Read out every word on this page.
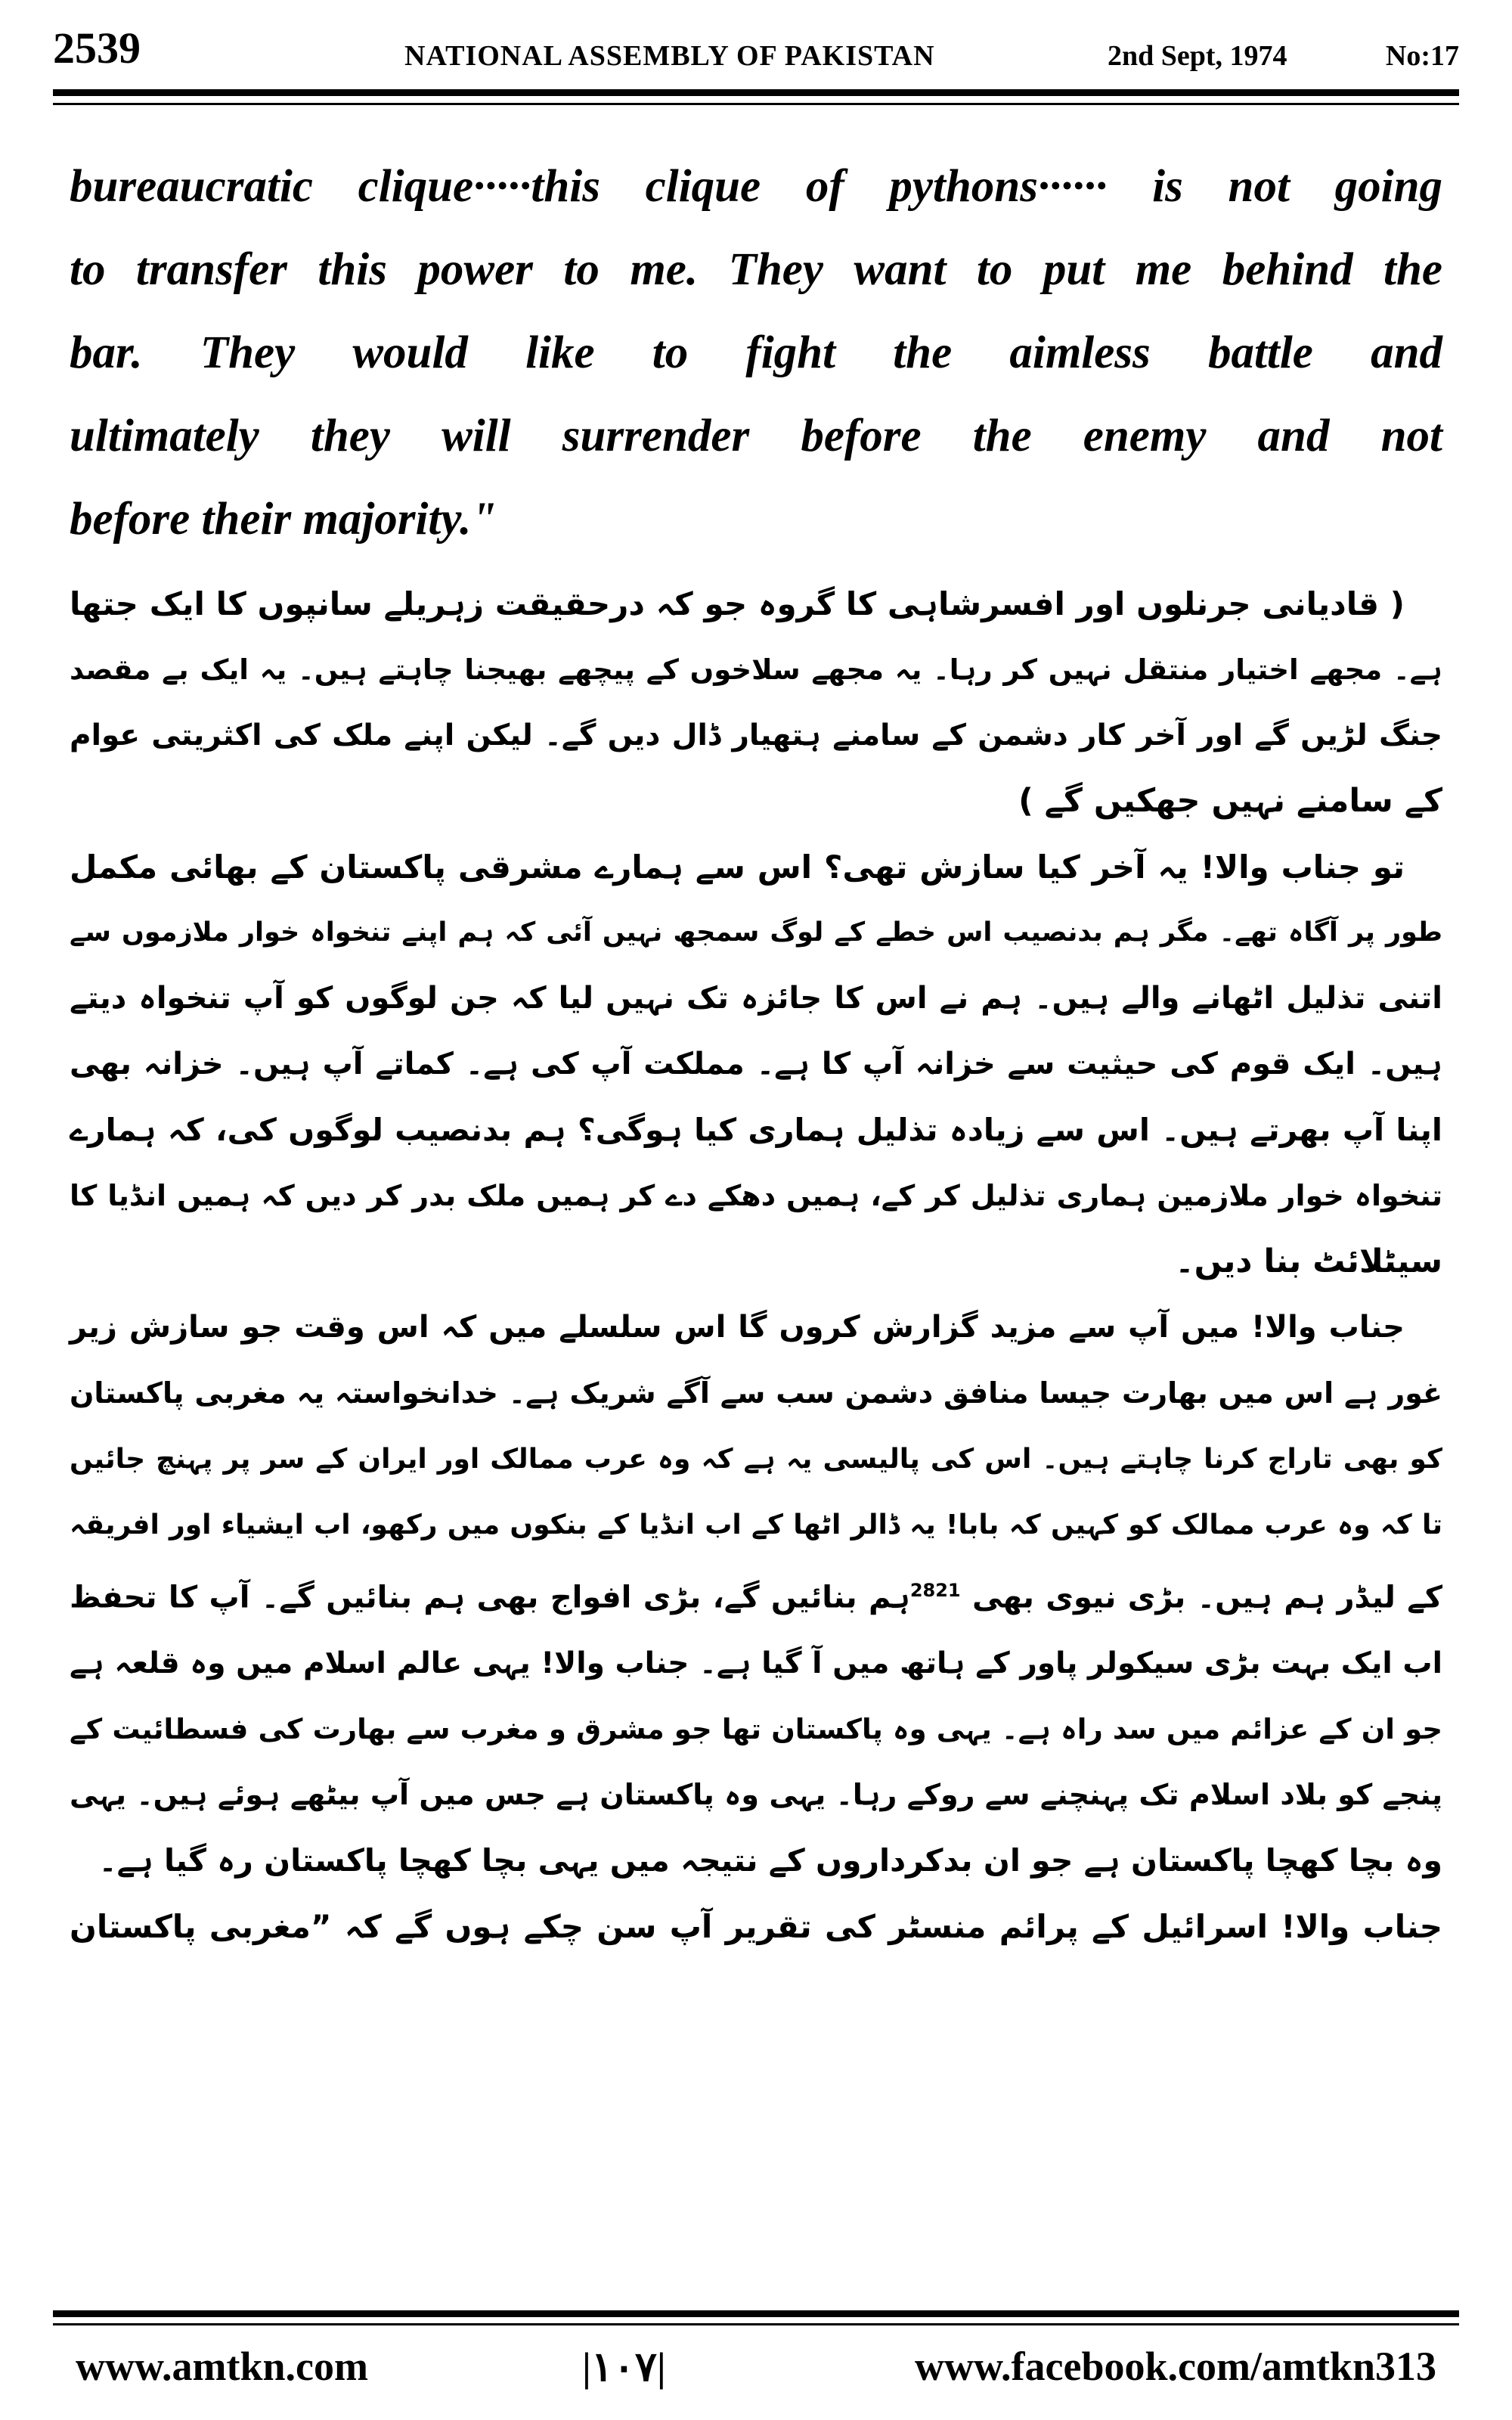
2539	NATIONAL ASSEMBLY OF PAKISTAN	2nd Sept, 1974	No:17
bureaucratic clique·····this clique of pythons······ is not going
to transfer this power to me. They want to put me behind the
bar. They would like to fight the aimless battle and
ultimately they will surrender before the enemy and not
before their majority."
( قادیانی جرنلوں اور افسرشاہی کا گروہ جو کہ درحقیقت زہریلے سانپوں کا ایک جتھا
ہے۔ مجھے اختیار منتقل نہیں کر رہا۔ یہ مجھے سلاخوں کے پیچھے بھیجنا چاہتے ہیں۔ یہ ایک بے مقصد
جنگ لڑیں گے اور آخر کار دشمن کے سامنے ہتھیار ڈال دیں گے۔ لیکن اپنے ملک کی اکثریتی عوام
کے سامنے نہیں جھکیں گے )
تو جناب والا! یہ آخر کیا سازش تھی؟ اس سے ہمارے مشرقی پاکستان کے بھائی مکمل
طور پر آگاہ تھے۔ مگر ہم بدنصیب اس خطے کے لوگ سمجھ نہیں آئی کہ ہم اپنے تنخواہ خوار ملازموں سے
اتنی تذلیل اٹھانے والے ہیں۔ ہم نے اس کا جائزہ تک نہیں لیا کہ جن لوگوں کو آپ تنخواہ دیتے
ہیں۔ ایک قوم کی حیثیت سے خزانہ آپ کا ہے۔ مملکت آپ کی ہے۔ کماتے آپ ہیں۔ خزانہ بھی
اپنا آپ بھرتے ہیں۔ اس سے زیادہ تذلیل ہماری کیا ہوگی؟ ہم بدنصیب لوگوں کی، کہ ہمارے
تنخواہ خوار ملازمین ہماری تذلیل کر کے، ہمیں دھکے دے کر ہمیں ملک بدر کر دیں کہ ہمیں انڈیا کا
سیٹلائٹ بنا دیں۔
جناب والا! میں آپ سے مزید گزارش کروں گا اس سلسلے میں کہ اس وقت جو سازش زیر
غور ہے اس میں بھارت جیسا منافق دشمن سب سے آگے شریک ہے۔ خدانخواستہ یہ مغربی پاکستان
کو بھی تاراج کرنا چاہتے ہیں۔ اس کی پالیسی یہ ہے کہ وہ عرب ممالک اور ایران کے سر پر پہنچ جائیں
تا کہ وہ عرب ممالک کو کہیں کہ بابا! یہ ڈالر اٹھا کے اب انڈیا کے بنکوں میں رکھو، اب ایشیاء اور افریقہ
کے لیڈر ہم ہیں۔ بڑی نیوی بھی $^{2821}$ہم بنائیں گے، بڑی افواج بھی ہم بنائیں گے۔ آپ کا تحفظ
اب ایک بہت بڑی سیکولر پاور کے ہاتھ میں آ گیا ہے۔ جناب والا! یہی عالم اسلام میں وہ قلعہ ہے
جو ان کے عزائم میں سد راہ ہے۔ یہی وہ پاکستان تھا جو مشرق و مغرب سے بھارت کی فسطائیت کے
پنجے کو بلاد اسلام تک پہنچنے سے روکے رہا۔ یہی وہ پاکستان ہے جس میں آپ بیٹھے ہوئے ہیں۔ یہی
وہ بچا کھچا پاکستان ہے جو ان بدکرداروں کے نتیجہ میں یہی بچا کھچا پاکستان رہ گیا ہے۔
جناب والا! اسرائیل کے پرائم منسٹر کی تقریر آپ سن چکے ہوں گے کہ ”مغربی پاکستان
www.amtkn.com	|۱۰۷|	www.facebook.com/amtkn313
